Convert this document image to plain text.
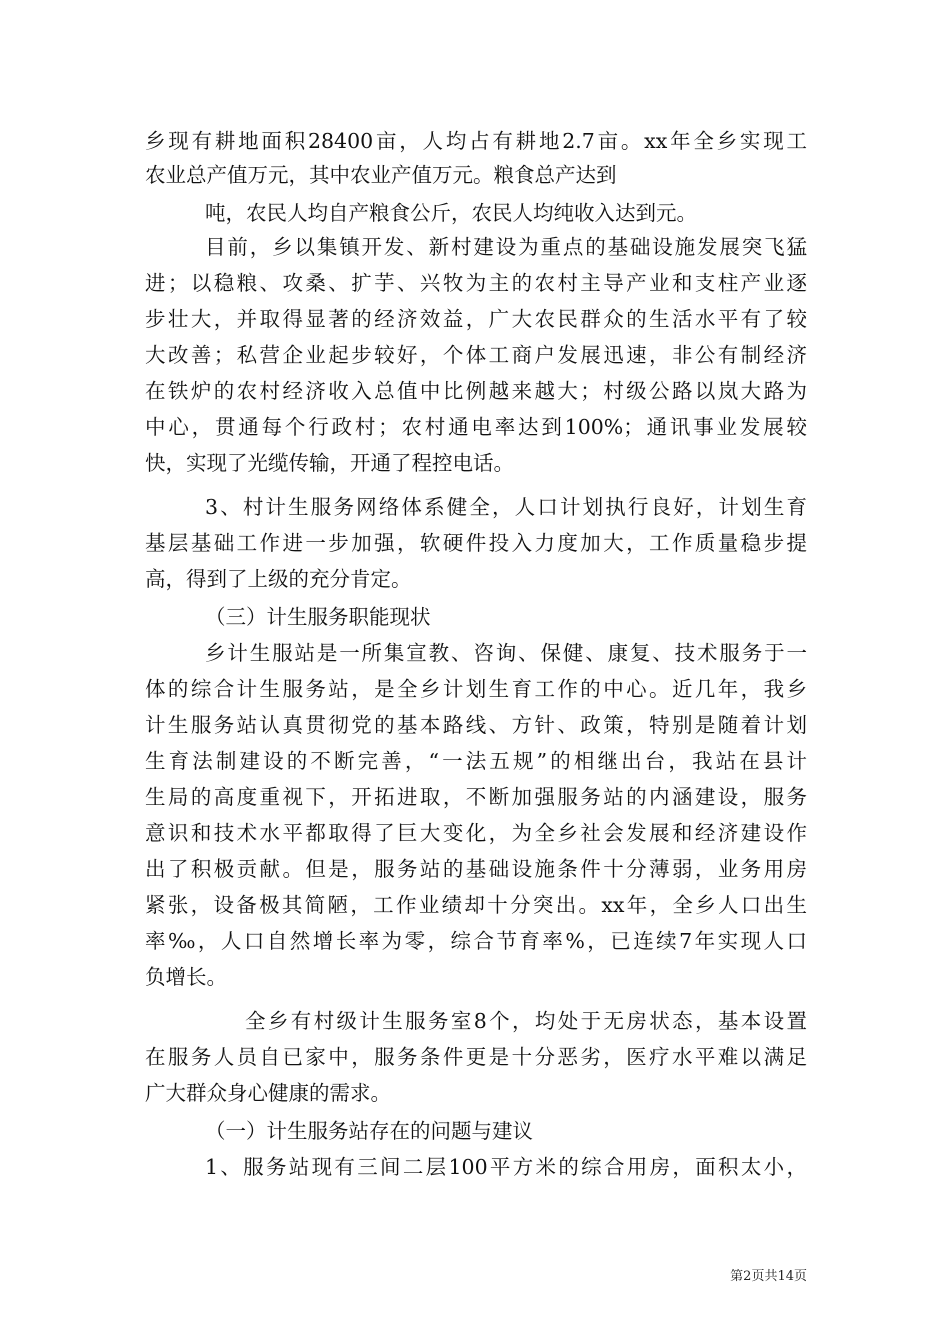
乡现有耕地面积28400亩，人均占有耕地2.7亩。xx年全乡实现工
农业总产值万元，其中农业产值万元。粮食总产达到
吨，农民人均自产粮食公斤，农民人均纯收入达到元。
目前，乡以集镇开发、新村建设为重点的基础设施发展突飞猛
进；以稳粮、攻桑、扩芋、兴牧为主的农村主导产业和支柱产业逐
步壮大，并取得显著的经济效益，广大农民群众的生活水平有了较
大改善；私营企业起步较好，个体工商户发展迅速，非公有制经济
在铁炉的农村经济收入总值中比例越来越大；村级公路以岚大路为
中心，贯通每个行政村；农村通电率达到100%；通讯事业发展较
快，实现了光缆传输，开通了程控电话。
3、村计生服务网络体系健全，人口计划执行良好，计划生育
基层基础工作进一步加强，软硬件投入力度加大，工作质量稳步提
高，得到了上级的充分肯定。
（三）计生服务职能现状
乡计生服站是一所集宣教、咨询、保健、康复、技术服务于一
体的综合计生服务站，是全乡计划生育工作的中心。近几年，我乡
计生服务站认真贯彻党的基本路线、方针、政策，特别是随着计划
生育法制建设的不断完善，“一法五规”的相继出台，我站在县计
生局的高度重视下，开拓进取，不断加强服务站的内涵建设，服务
意识和技术水平都取得了巨大变化，为全乡社会发展和经济建设作
出了积极贡献。但是，服务站的基础设施条件十分薄弱，业务用房
紧张，设备极其简陋，工作业绩却十分突出。xx年，全乡人口出生
率‰，人口自然增长率为零，综合节育率%，已连续7年实现人口
负增长。
全乡有村级计生服务室8个，均处于无房状态，基本设置
在服务人员自已家中，服务条件更是十分恶劣，医疗水平难以满足
广大群众身心健康的需求。
（一）计生服务站存在的问题与建议
1、服务站现有三间二层100平方米的综合用房，面积太小，
第2页共14页
